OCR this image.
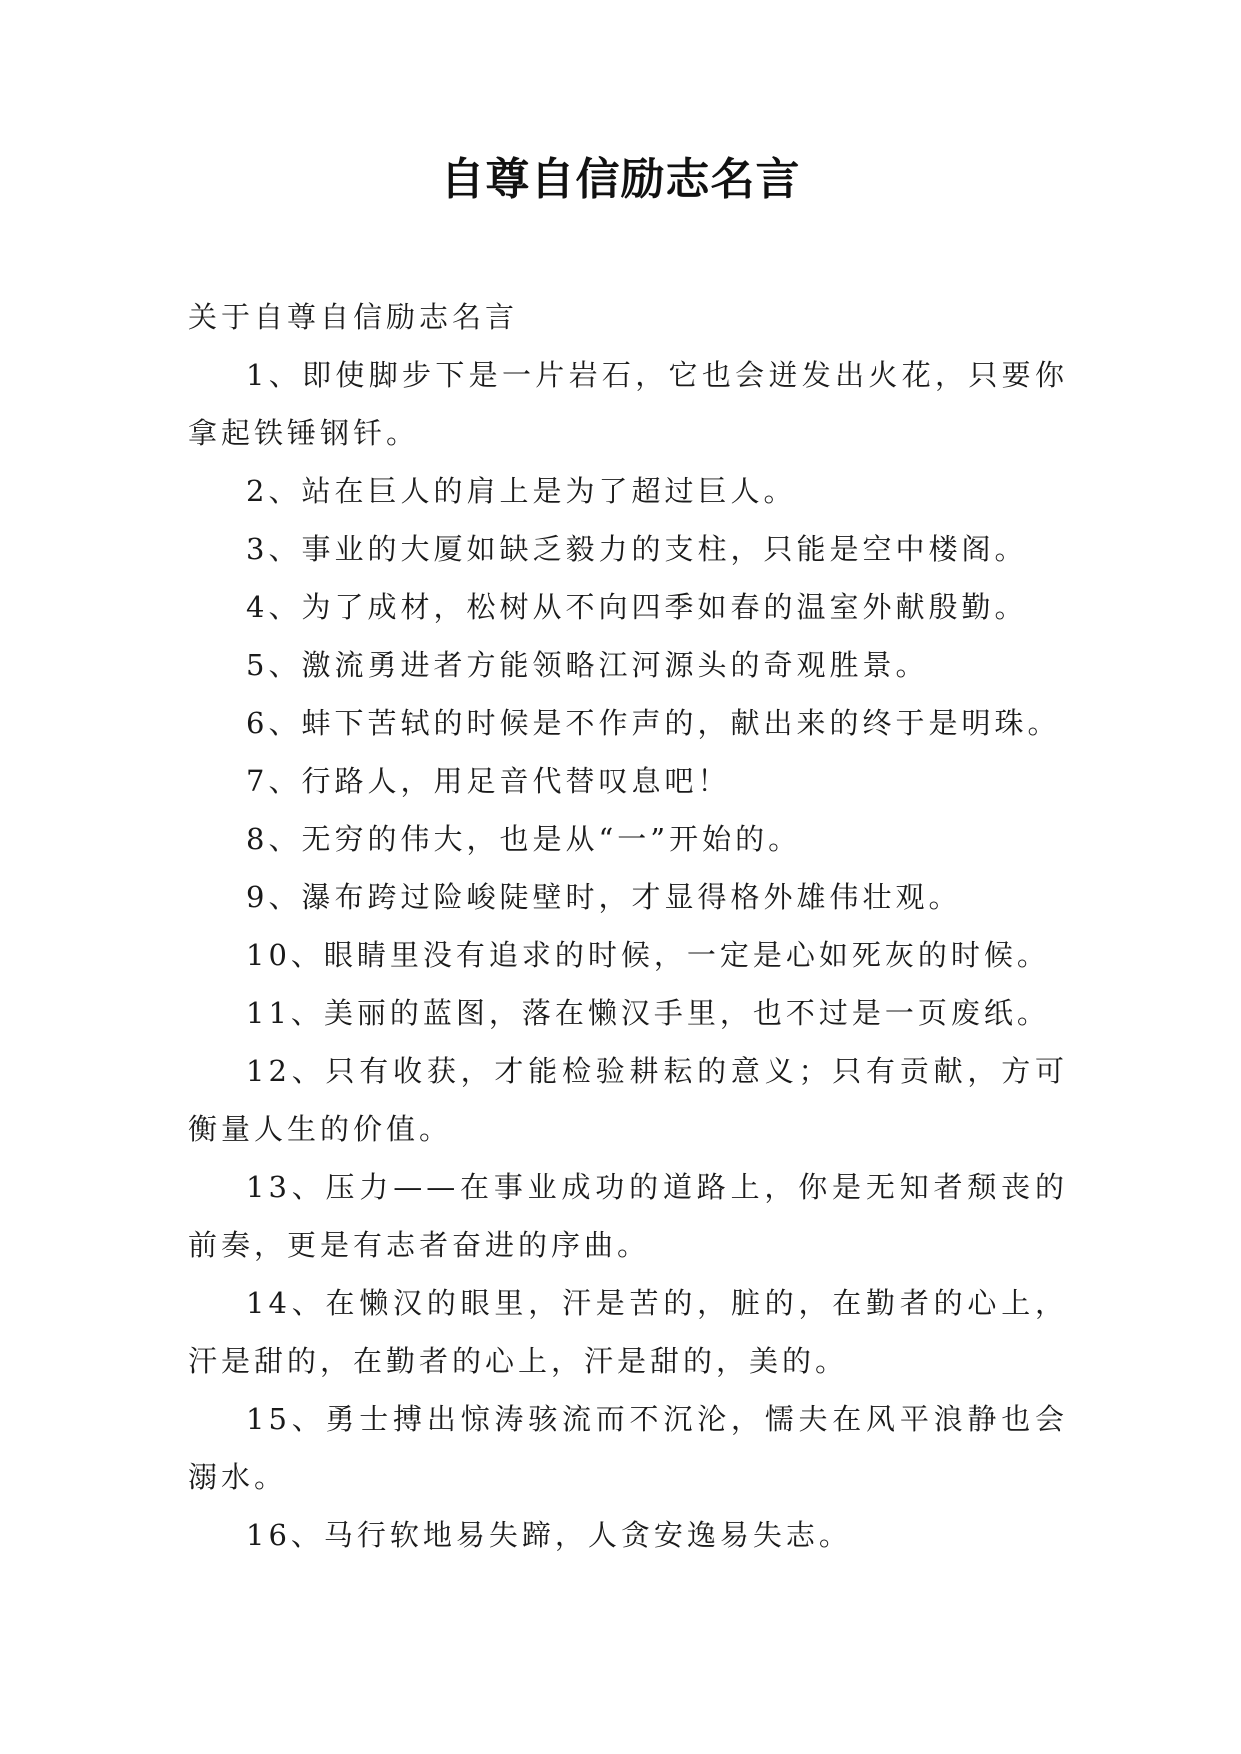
自尊自信励志名言

关于自尊自信励志名言

1、即使脚步下是一片岩石，它也会迸发出火花，只要你拿起铁锤钢钎。

2、站在巨人的肩上是为了超过巨人。

3、事业的大厦如缺乏毅力的支柱，只能是空中楼阁。

4、为了成材，松树从不向四季如春的温室外献殷勤。

5、激流勇进者方能领略江河源头的奇观胜景。

6、蚌下苦轼的时候是不作声的，献出来的终于是明珠。

7、行路人，用足音代替叹息吧！

8、无穷的伟大，也是从“一”开始的。

9、瀑布跨过险峻陡壁时，才显得格外雄伟壮观。

10、眼睛里没有追求的时候，一定是心如死灰的时候。

11、美丽的蓝图，落在懒汉手里，也不过是一页废纸。

12、只有收获，才能检验耕耘的意义；只有贡献，方可衡量人生的价值。

13、压力——在事业成功的道路上，你是无知者颓丧的前奏，更是有志者奋进的序曲。

14、在懒汉的眼里，汗是苦的，脏的，在勤者的心上，汗是甜的，在勤者的心上，汗是甜的，美的。

15、勇士搏出惊涛骇流而不沉沦，懦夫在风平浪静也会溺水。

16、马行软地易失蹄，人贪安逸易失志。
